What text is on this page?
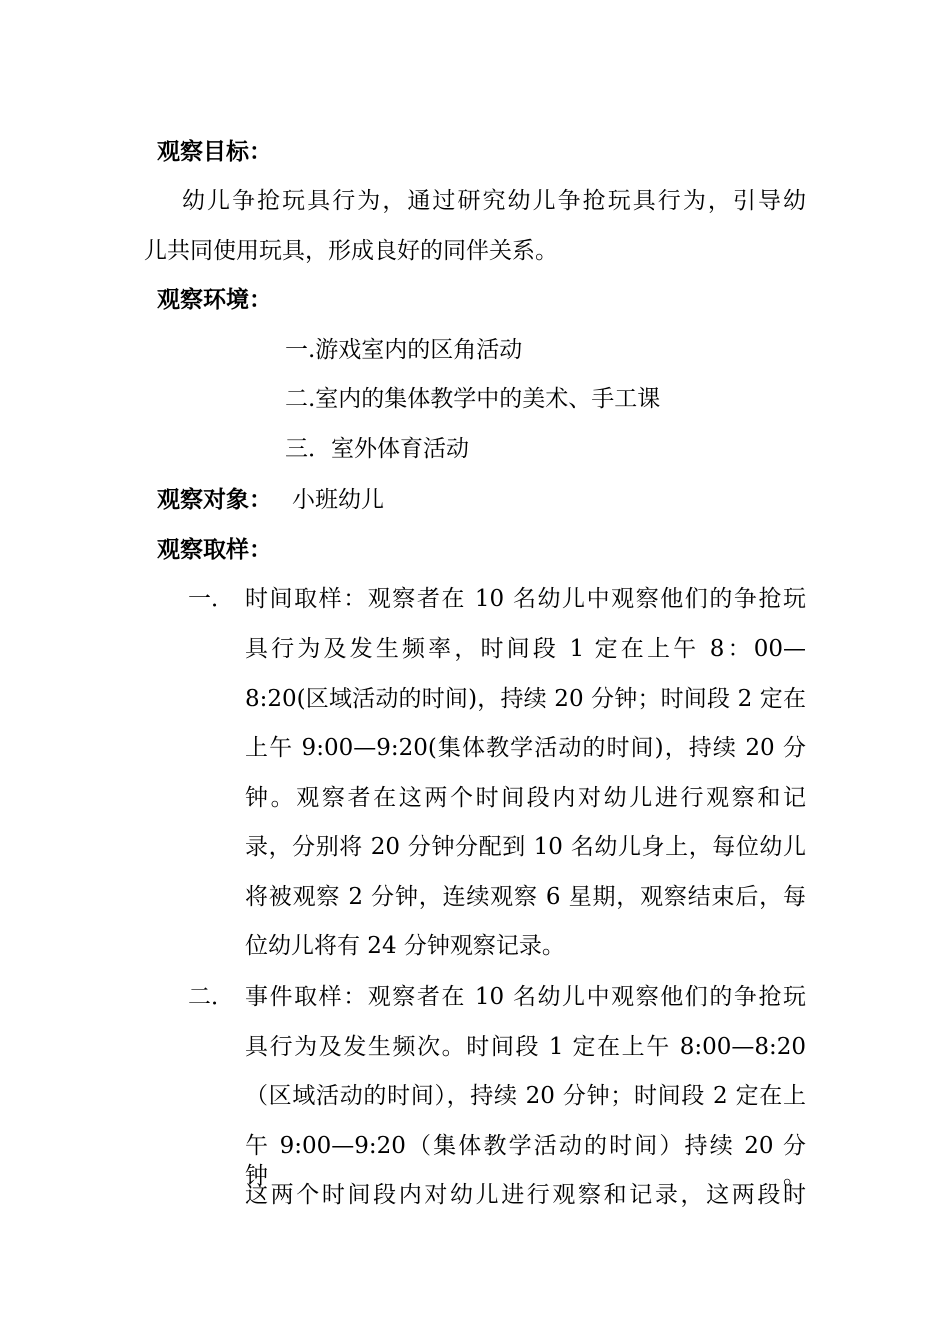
观察目标：
幼儿争抢玩具行为，通过研究幼儿争抢玩具行为，引导幼
儿共同使用玩具，形成良好的同伴关系。
观察环境：
一.游戏室内的区角活动
二.室内的集体教学中的美术、手工课
三．室外体育活动
观察对象： 小班幼儿
观察取样：
一． 时间取样：观察者在 10 名幼儿中观察他们的争抢玩
具行为及发生频率，时间段 1 定在上午 8：00—
8:20(区域活动的时间)，持续 20 分钟；时间段 2 定在
上午 9:00—9:20(集体教学活动的时间)，持续 20 分
钟。观察者在这两个时间段内对幼儿进行观察和记
录，分别将 20 分钟分配到 10 名幼儿身上，每位幼儿
将被观察 2 分钟，连续观察 6 星期，观察结束后，每
位幼儿将有 24 分钟观察记录。
二． 事件取样：观察者在 10 名幼儿中观察他们的争抢玩
具行为及发生频次。时间段 1 定在上午 8:00—8:20
（区域活动的时间），持续 20 分钟；时间段 2 定在上
午 9:00—9:20（集体教学活动的时间）持续 20 分钟。
这两个时间段内对幼儿进行观察和记录，这两段时
